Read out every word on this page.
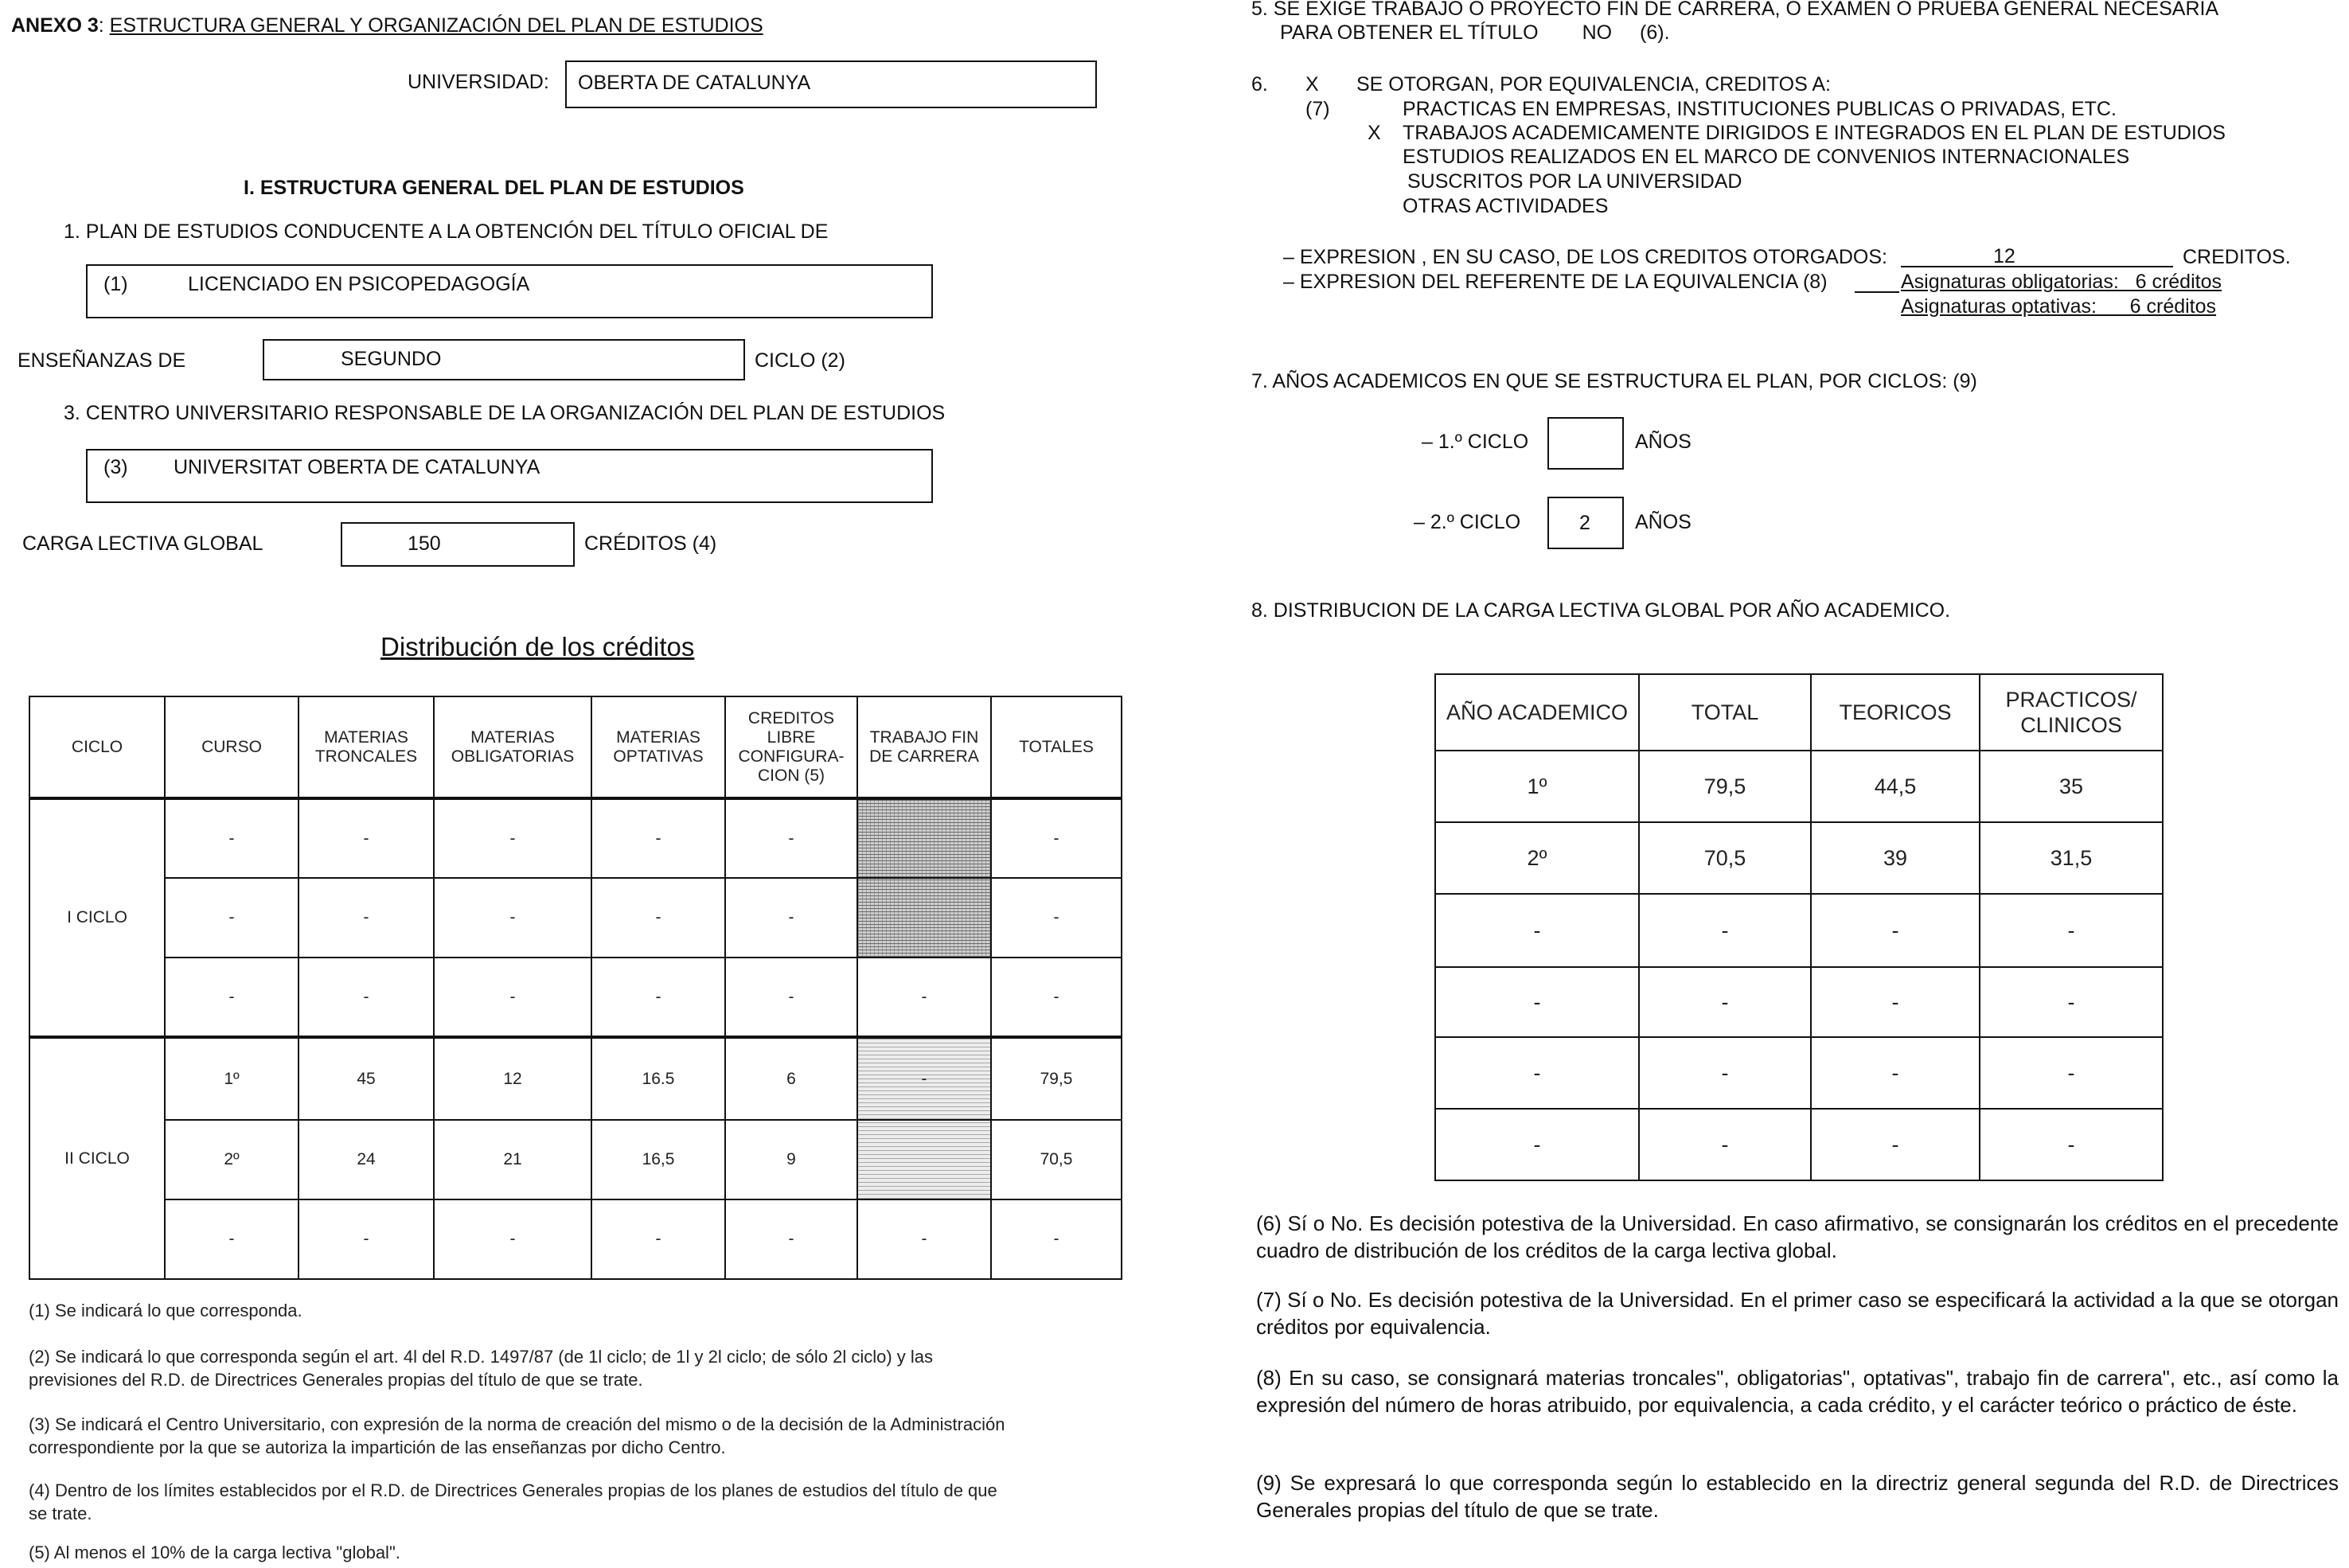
ANEXO 3: ESTRUCTURA GENERAL Y ORGANIZACIÓN DEL PLAN DE ESTUDIOS
UNIVERSIDAD: OBERTA DE CATALUNYA
I. ESTRUCTURA GENERAL DEL PLAN DE ESTUDIOS
1. PLAN DE ESTUDIOS CONDUCENTE A LA OBTENCIÓN DEL TÍTULO OFICIAL DE
(1)	LICENCIADO EN PSICOPEDAGOGÍA
ENSEÑANZAS DE	SEGUNDO	CICLO (2)
3. CENTRO UNIVERSITARIO RESPONSABLE DE LA ORGANIZACIÓN DEL PLAN DE ESTUDIOS
(3) UNIVERSITAT OBERTA DE CATALUNYA
CARGA LECTIVA GLOBAL	150	CRÉDITOS (4)
Distribución de los créditos
CICLO	CURSO	MATERIAS TRONCALES	MATERIAS OBLIGATORIAS	MATERIAS OPTATIVAS	CREDITOS LIBRE CONFIGURA-CION (5)	TRABAJO FIN DE CARRERA	TOTALES
I CICLO	-	-	-	-	-		-
	-	-	-	-	-		-
	-	-	-	-	-	-	-
II CICLO	1º	45	12	16.5	6	-	79,5
	2º	24	21	16,5	9		70,5
	-	-	-	-	-	-	-
(1) Se indicará lo que corresponda.
(2) Se indicará lo que corresponda según el art. 4l del R.D. 1497/87 (de 1l ciclo; de 1l y 2l ciclo; de sólo 2l ciclo) y las previsiones del R.D. de Directrices Generales propias del título de que se trate.
(3) Se indicará el Centro Universitario, con expresión de la norma de creación del mismo o de la decisión de la Administración correspondiente por la que se autoriza la impartición de las enseñanzas por dicho Centro.
(4) Dentro de los límites establecidos por el R.D. de Directrices Generales propias de los planes de estudios del título de que se trate.
(5) Al menos el 10% de la carga lectiva "global".
5. SE EXIGE TRABAJO O PROYECTO FIN DE CARRERA, O EXAMEN O PRUEBA GENERAL NECESARIA
PARA OBTENER EL TÍTULO NO (6).
6. X SE OTORGAN, POR EQUIVALENCIA, CREDITOS A:
(7)	PRACTICAS EN EMPRESAS, INSTITUCIONES PUBLICAS O PRIVADAS, ETC.
X TRABAJOS ACADEMICAMENTE DIRIGIDOS E INTEGRADOS EN EL PLAN DE ESTUDIOS
ESTUDIOS REALIZADOS EN EL MARCO DE CONVENIOS INTERNACIONALES
SUSCRITOS POR LA UNIVERSIDAD
OTRAS ACTIVIDADES
– EXPRESION , EN SU CASO, DE LOS CREDITOS OTORGADOS:	12	CREDITOS.
– EXPRESION DEL REFERENTE DE LA EQUIVALENCIA (8)	Asignaturas obligatorias:   6 créditos
Asignaturas optativas:      6 créditos
7. AÑOS ACADEMICOS EN QUE SE ESTRUCTURA EL PLAN, POR CICLOS: (9)
– 1.º CICLO	AÑOS
– 2.º CICLO	2 AÑOS
8. DISTRIBUCION DE LA CARGA LECTIVA GLOBAL POR AÑO ACADEMICO.
AÑO ACADEMICO	TOTAL	TEORICOS	PRACTICOS/ CLINICOS
1º	79,5	44,5	35
2º	70,5	39	31,5
-	-	-	-
-	-	-	-
-	-	-	-
-	-	-	-
(6) Sí o No. Es decisión potestiva de la Universidad. En caso afirmativo, se consignarán los créditos en el precedente cuadro de distribución de los créditos de la carga lectiva global.
(7) Sí o No. Es decisión potestiva de la Universidad. En el primer caso se especificará la actividad a la que se otorgan créditos por equivalencia.
(8) En su caso, se consignará materias troncales", obligatorias", optativas", trabajo fin de carrera", etc., así como la expresión del número de horas atribuido, por equivalencia, a cada crédito, y el carácter teórico o práctico de éste.
(9) Se expresará lo que corresponda según lo establecido en la directriz general segunda del R.D. de Directrices Generales propias del título de que se trate.
